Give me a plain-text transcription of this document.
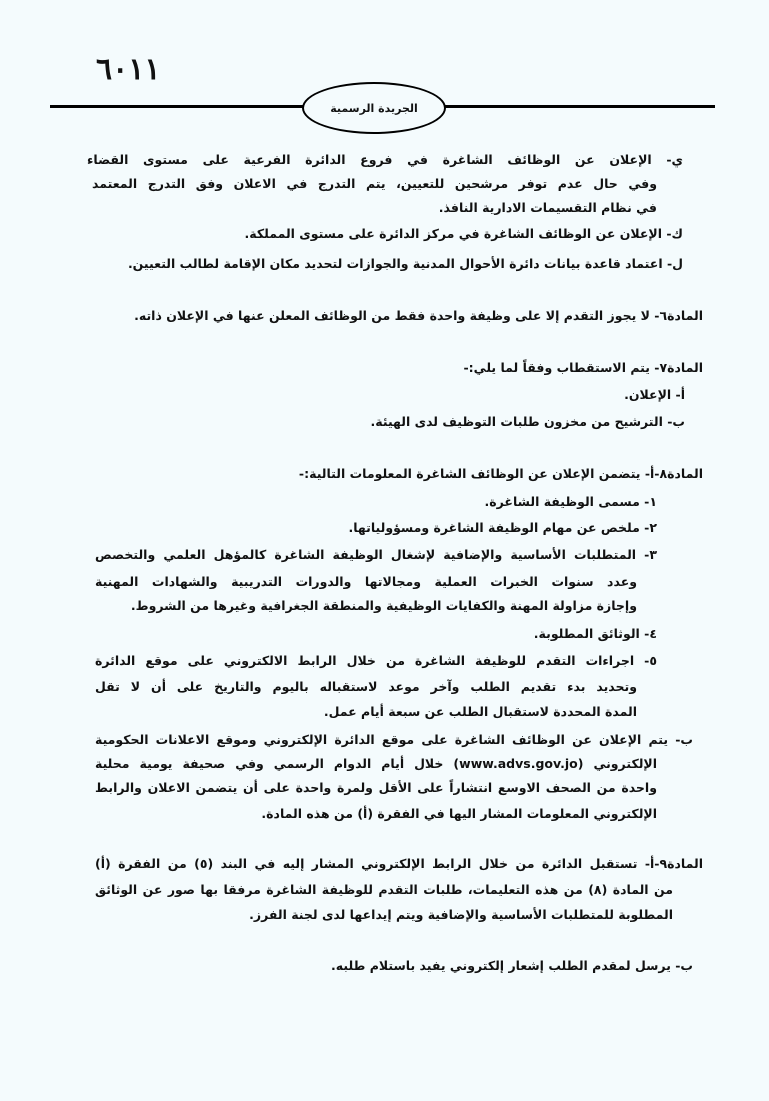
٦٠١١
الجريدة الرسمية
ي- الإعلان عن الوظائف الشاغرة في فروع الدائرة الفرعية على مستوى القضاء
وفي حال عدم توفر مرشحين للتعيين، يتم التدرج في الاعلان وفق التدرج المعتمد
في نظام التقسيمات الادارية النافذ.
ك- الإعلان عن الوظائف الشاغرة في مركز الدائرة على مستوى المملكة.
ل- اعتماد قاعدة بيانات دائرة الأحوال المدنية والجوازات لتحديد مكان الإقامة لطالب التعيين.
المادة٦- لا يجوز التقدم إلا على وظيفة واحدة فقط من الوظائف المعلن عنها في الإعلان ذاته.
المادة٧- يتم الاستقطاب وفقاً لما يلي:-
أ- الإعلان.
ب- الترشيح من مخزون طلبات التوظيف لدى الهيئة.
المادة٨-أ- يتضمن الإعلان عن الوظائف الشاغرة المعلومات التالية:-
١- مسمى الوظيفة الشاغرة.
٢- ملخص عن مهام الوظيفة الشاغرة ومسؤولياتها.
٣- المتطلبات الأساسية والإضافية لإشغال الوظيفة الشاغرة كالمؤهل العلمي والتخصص
وعدد سنوات الخبرات العملية ومجالاتها والدورات التدريبية والشهادات المهنية
وإجازة مزاولة المهنة والكفايات الوظيفية والمنطقة الجغرافية وغيرها من الشروط.
٤- الوثائق المطلوبة.
٥- اجراءات التقدم للوظيفة الشاغرة من خلال الرابط الالكتروني على موقع الدائرة
وتحديد بدء تقديم الطلب وآخر موعد لاستقباله باليوم والتاريخ على أن لا تقل
المدة المحددة لاستقبال الطلب عن سبعة أيام عمل.
ب- يتم الإعلان عن الوظائف الشاغرة على موقع الدائرة الإلكتروني وموقع الاعلانات الحكومية
الإلكتروني (www.advs.gov.jo) خلال أيام الدوام الرسمي وفي صحيفة يومية محلية
واحدة من الصحف الاوسع انتشاراً على الأقل ولمرة واحدة على أن يتضمن الاعلان والرابط
الإلكتروني المعلومات المشار اليها في الفقرة (أ) من هذه المادة.
المادة٩-أ- تستقبل الدائرة من خلال الرابط الإلكتروني المشار إليه في البند (٥) من الفقرة (أ)
من المادة (٨) من هذه التعليمات، طلبات التقدم للوظيفة الشاغرة مرفقا بها صور عن الوثائق
المطلوبة للمتطلبات الأساسية والإضافية ويتم إيداعها لدى لجنة الفرز.
ب- يرسل لمقدم الطلب إشعار إلكتروني يفيد باستلام طلبه.
